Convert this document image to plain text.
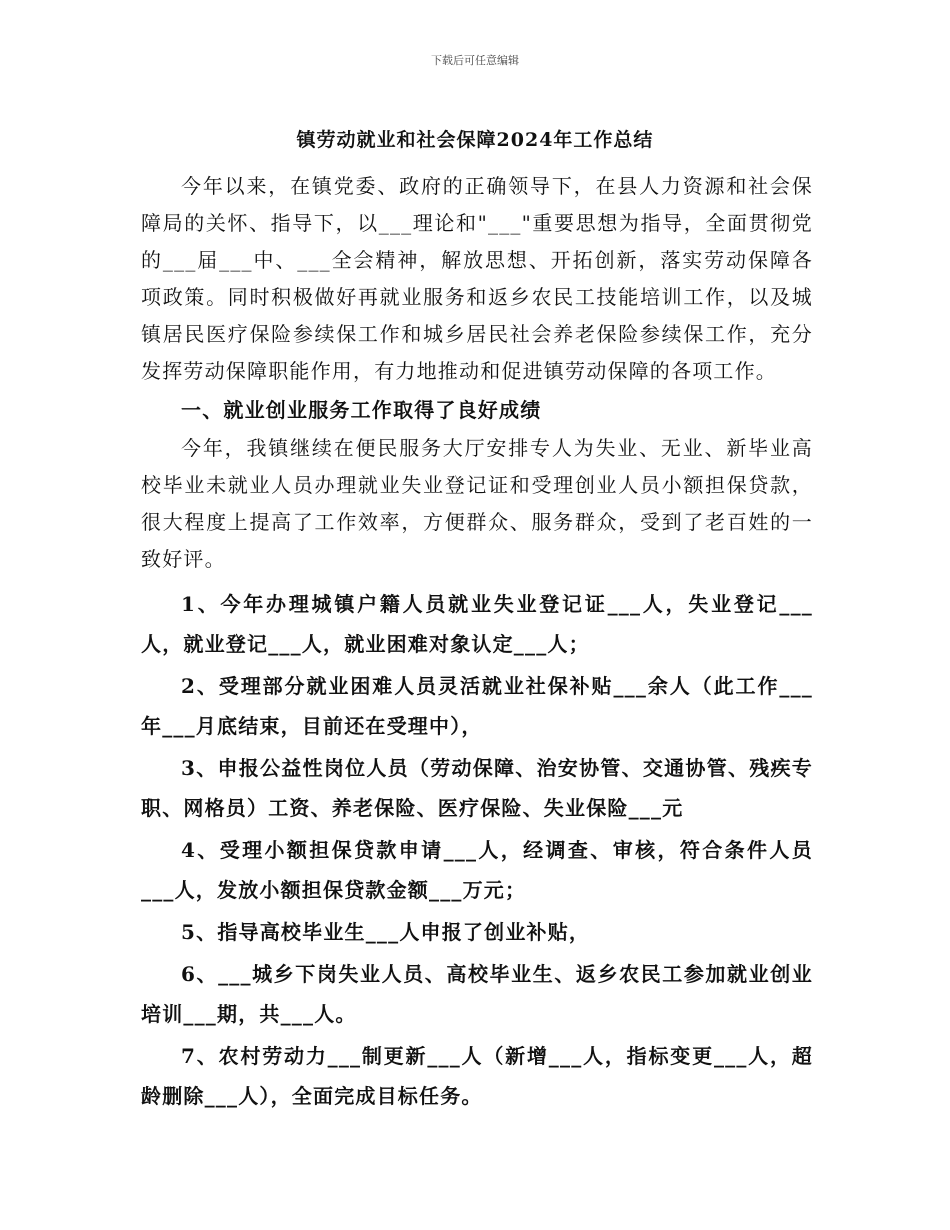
下载后可任意编辑
镇劳动就业和社会保障2024年工作总结

今年以来，在镇党委、政府的正确领导下，在县人力资源和社会保障局的关怀、指导下，以___理论和"___"重要思想为指导，全面贯彻党的___届___中、___全会精神，解放思想、开拓创新，落实劳动保障各项政策。同时积极做好再就业服务和返乡农民工技能培训工作，以及城镇居民医疗保险参续保工作和城乡居民社会养老保险参续保工作，充分发挥劳动保障职能作用，有力地推动和促进镇劳动保障的各项工作。

一、就业创业服务工作取得了良好成绩

今年，我镇继续在便民服务大厅安排专人为失业、无业、新毕业高校毕业未就业人员办理就业失业登记证和受理创业人员小额担保贷款，很大程度上提高了工作效率，方便群众、服务群众，受到了老百姓的一致好评。

1、今年办理城镇户籍人员就业失业登记证___人，失业登记___人，就业登记___人，就业困难对象认定___人；

2、受理部分就业困难人员灵活就业社保补贴___余人（此工作___年___月底结束，目前还在受理中），

3、申报公益性岗位人员（劳动保障、治安协管、交通协管、残疾专职、网格员）工资、养老保险、医疗保险、失业保险___元

4、受理小额担保贷款申请___人，经调查、审核，符合条件人员___人，发放小额担保贷款金额___万元；

5、指导高校毕业生___人申报了创业补贴，

6、___城乡下岗失业人员、高校毕业生、返乡农民工参加就业创业培训___期，共___人。

7、农村劳动力___制更新___人（新增___人，指标变更___人，超龄删除___人），全面完成目标任务。
